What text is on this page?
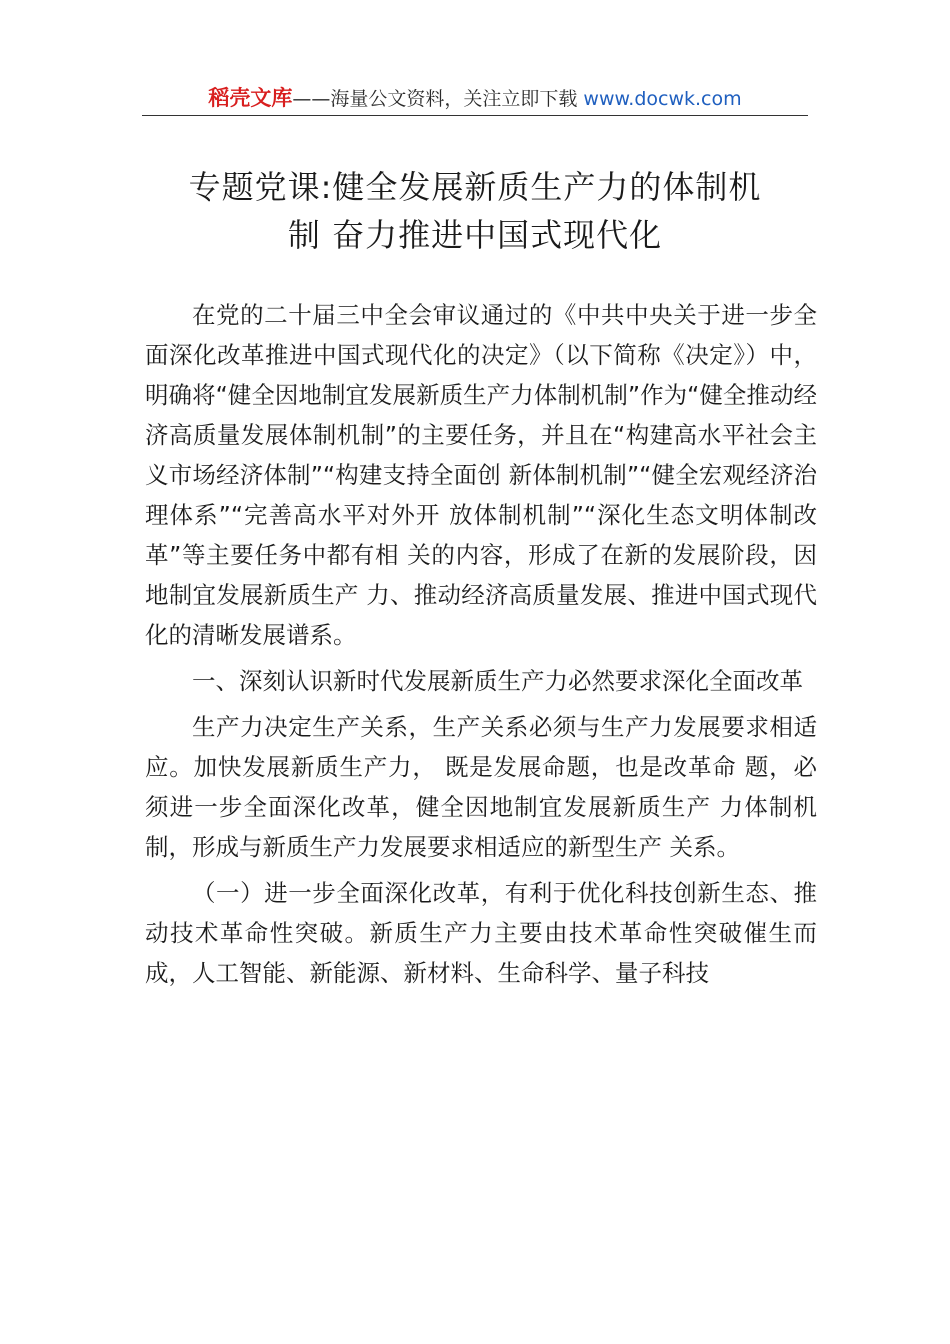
稻壳文库——海量公文资料，关注立即下载 www.docwk.com
专题党课:健全发展新质生产力的体制机
制 奋力推进中国式现代化

在党的二十届三中全会审议通过的《中共中央关于进一步全面深化改革推进中国式现代化的决定》（以下简称《决定》）中，明确将“健全因地制宜发展新质生产力体制机制”作为“健全推动经济高质量发展体制机制”的主要任务，并且在“构建高水平社会主义市场经济体制”“构建支持全面创 新体制机制”“健全宏观经济治理体系”“完善高水平对外开 放体制机制”“深化生态文明体制改革”等主要任务中都有相 关的内容，形成了在新的发展阶段，因地制宜发展新质生产 力、推动经济高质量发展、推进中国式现代化的清晰发展谱系。

一、深刻认识新时代发展新质生产力必然要求深化全面改革

生产力决定生产关系，生产关系必须与生产力发展要求相适应。加快发展新质生产力， 既是发展命题，也是改革命 题，必须进一步全面深化改革，健全因地制宜发展新质生产 力体制机制，形成与新质生产力发展要求相适应的新型生产 关系。

（一）进一步全面深化改革，有利于优化科技创新生态、推动技术革命性突破。新质生产力主要由技术革命性突破催生而成，人工智能、新能源、新材料、生命科学、量子科技
